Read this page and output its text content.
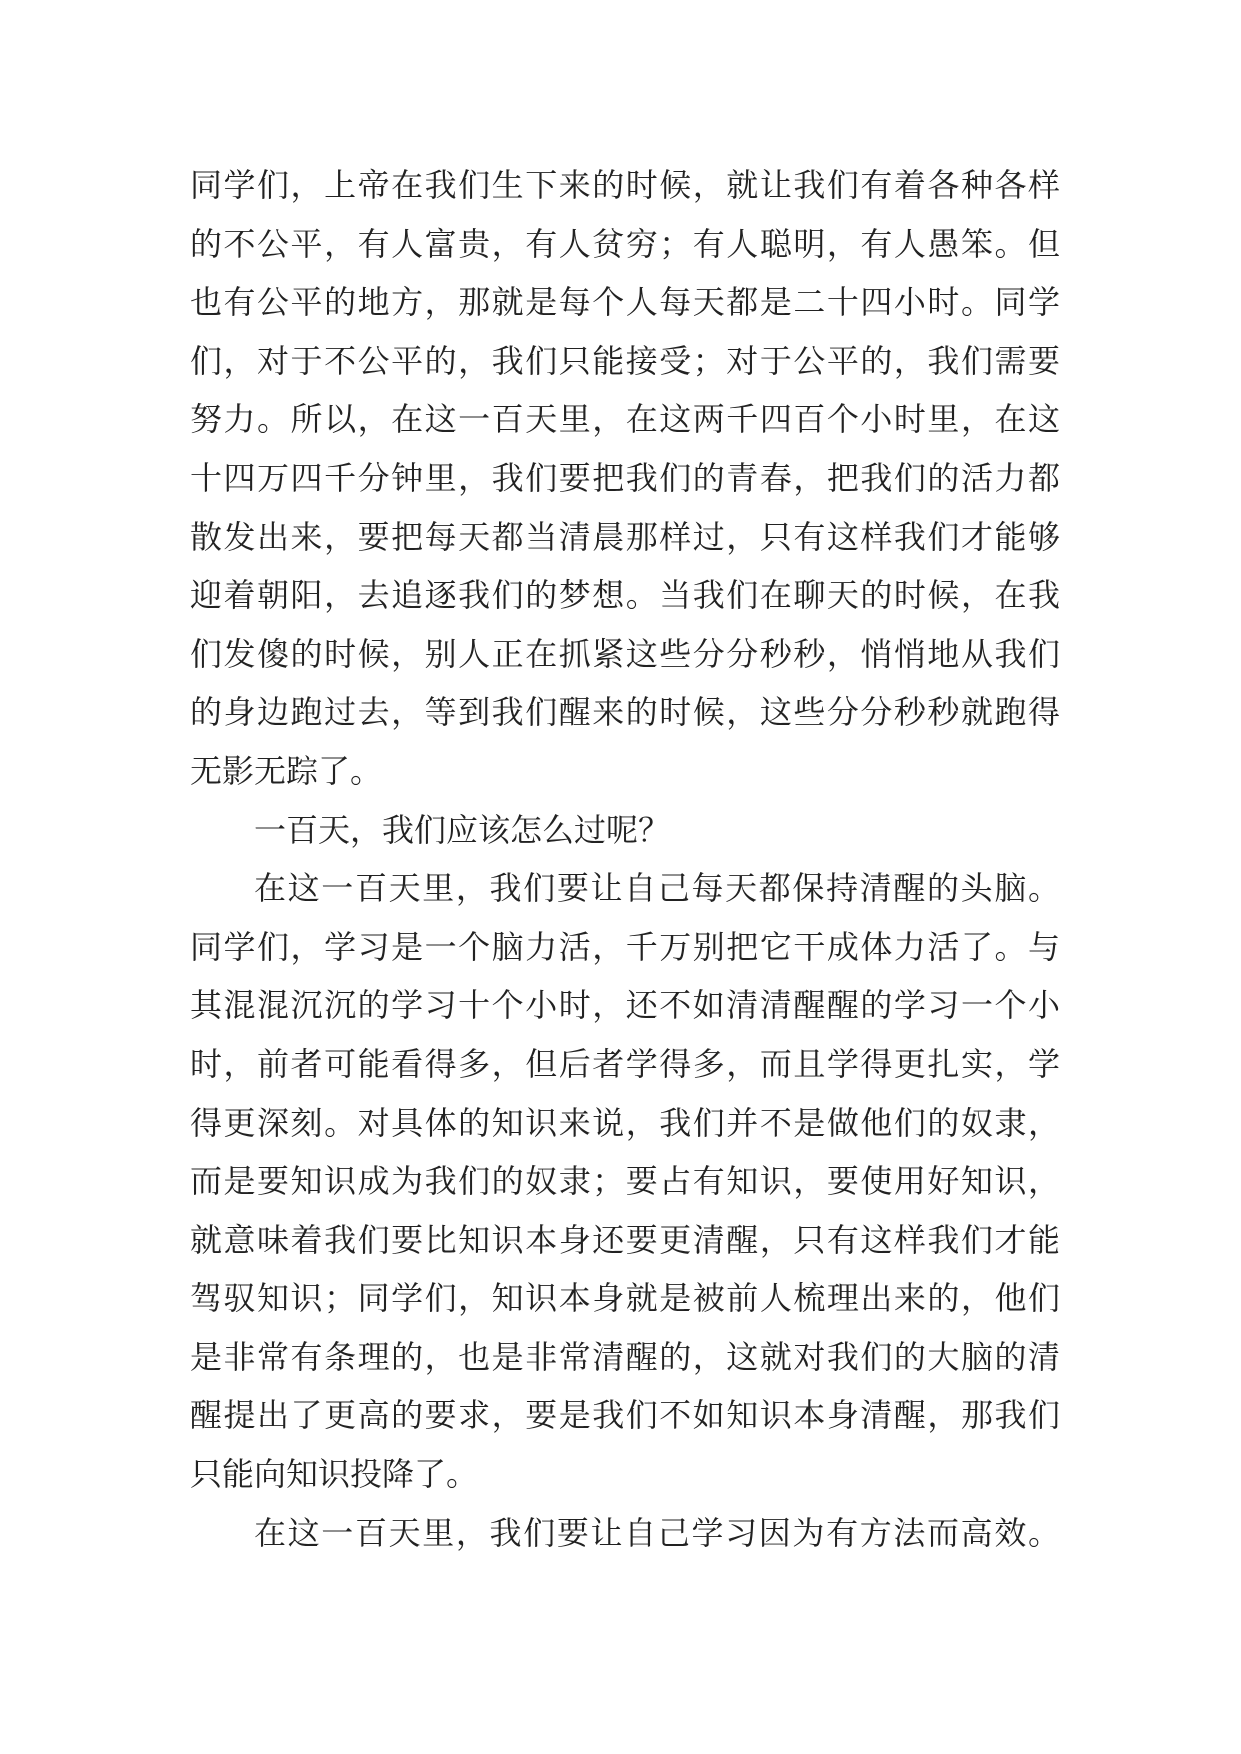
同学们，上帝在我们生下来的时候，就让我们有着各种各样
的不公平，有人富贵，有人贫穷；有人聪明，有人愚笨。但
也有公平的地方，那就是每个人每天都是二十四小时。同学
们，对于不公平的，我们只能接受；对于公平的，我们需要
努力。所以，在这一百天里，在这两千四百个小时里，在这
十四万四千分钟里，我们要把我们的青春，把我们的活力都
散发出来，要把每天都当清晨那样过，只有这样我们才能够
迎着朝阳，去追逐我们的梦想。当我们在聊天的时候，在我
们发傻的时候，别人正在抓紧这些分分秒秒，悄悄地从我们
的身边跑过去，等到我们醒来的时候，这些分分秒秒就跑得
无影无踪了。
一百天，我们应该怎么过呢？
在这一百天里，我们要让自己每天都保持清醒的头脑。
同学们，学习是一个脑力活，千万别把它干成体力活了。与
其混混沉沉的学习十个小时，还不如清清醒醒的学习一个小
时，前者可能看得多，但后者学得多，而且学得更扎实，学
得更深刻。对具体的知识来说，我们并不是做他们的奴隶，
而是要知识成为我们的奴隶；要占有知识，要使用好知识，
就意味着我们要比知识本身还要更清醒，只有这样我们才能
驾驭知识；同学们，知识本身就是被前人梳理出来的，他们
是非常有条理的，也是非常清醒的，这就对我们的大脑的清
醒提出了更高的要求，要是我们不如知识本身清醒，那我们
只能向知识投降了。
在这一百天里，我们要让自己学习因为有方法而高效。
